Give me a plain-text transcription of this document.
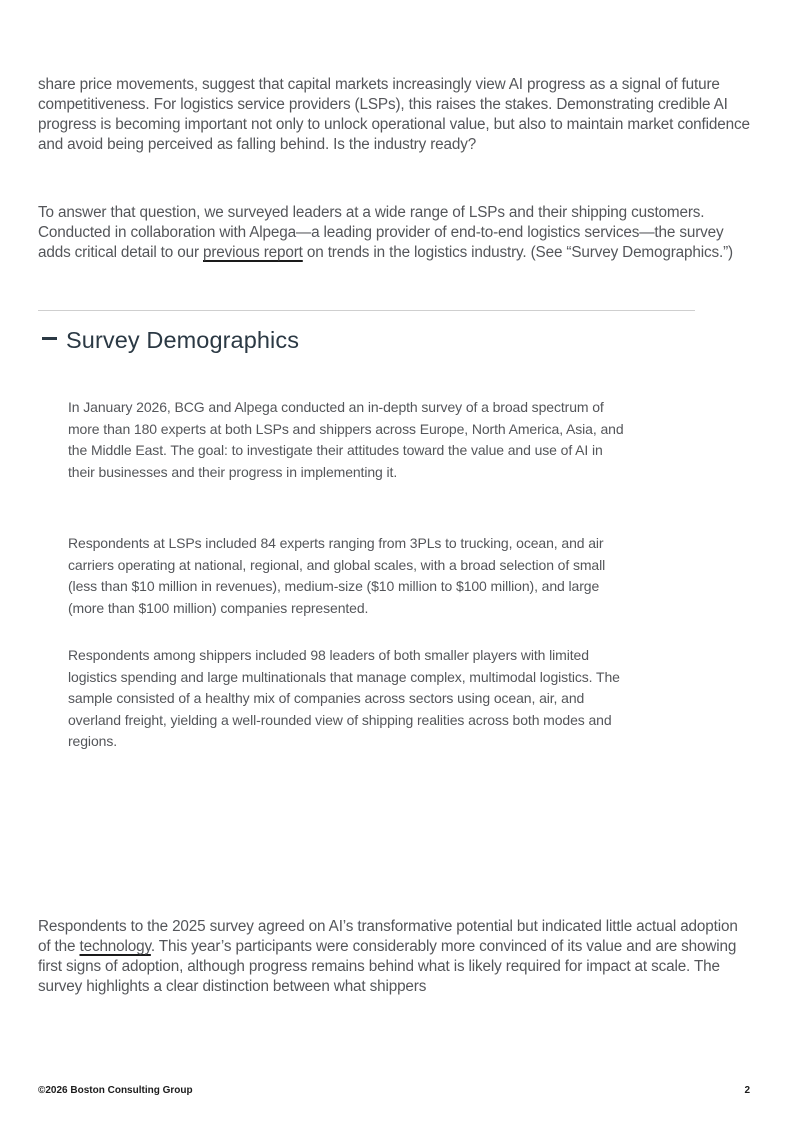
share price movements, suggest that capital markets increasingly view AI progress as a signal of future competitiveness. For logistics service providers (LSPs), this raises the stakes. Demonstrating credible AI progress is becoming important not only to unlock operational value, but also to maintain market confidence and avoid being perceived as falling behind. Is the industry ready?

To answer that question, we surveyed leaders at a wide range of LSPs and their shipping customers. Conducted in collaboration with Alpega—a leading provider of end-to-end logistics services—the survey adds critical detail to our previous report on trends in the logistics industry. (See “Survey Demographics.”)

Survey Demographics

In January 2026, BCG and Alpega conducted an in-depth survey of a broad spectrum of more than 180 experts at both LSPs and shippers across Europe, North America, Asia, and the Middle East. The goal: to investigate their attitudes toward the value and use of AI in their businesses and their progress in implementing it.

Respondents at LSPs included 84 experts ranging from 3PLs to trucking, ocean, and air carriers operating at national, regional, and global scales, with a broad selection of small (less than $10 million in revenues), medium-size ($10 million to $100 million), and large (more than $100 million) companies represented.

Respondents among shippers included 98 leaders of both smaller players with limited logistics spending and large multinationals that manage complex, multimodal logistics. The sample consisted of a healthy mix of companies across sectors using ocean, air, and overland freight, yielding a well-rounded view of shipping realities across both modes and regions.

Respondents to the 2025 survey agreed on AI’s transformative potential but indicated little actual adoption of the technology. This year’s participants were considerably more convinced of its value and are showing first signs of adoption, although progress remains behind what is likely required for impact at scale. The survey highlights a clear distinction between what shippers

©2026 Boston Consulting Group	2
